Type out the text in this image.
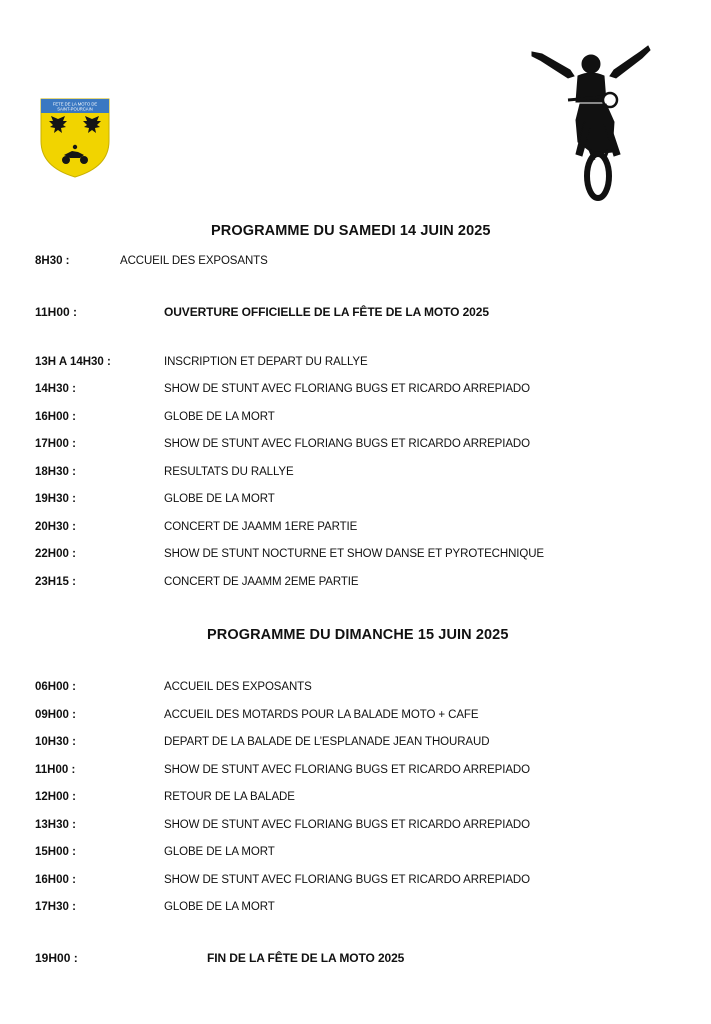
FETE DE LA MOTO DE
SAINT-POURCAIN
PROGRAMME DU SAMEDI 14 JUIN 2025
PROGRAMME DU DIMANCHE 15 JUIN 2025
8H30 :	ACCUEIL DES EXPOSANTS
11H00 :	OUVERTURE OFFICIELLE DE LA FÊTE DE LA MOTO 2025
13H A 14H30 :	INSCRIPTION ET DEPART DU RALLYE
14H30 :	SHOW DE STUNT AVEC FLORIANG BUGS ET RICARDO ARREPIADO
16H00 :	GLOBE DE LA MORT
17H00 :	SHOW DE STUNT AVEC FLORIANG BUGS ET RICARDO ARREPIADO
18H30 :	RESULTATS DU RALLYE
19H30 :	GLOBE DE LA MORT
20H30 :	CONCERT DE JAAMM 1ERE PARTIE
22H00 :	SHOW DE STUNT NOCTURNE ET SHOW DANSE ET PYROTECHNIQUE
23H15 :	CONCERT DE JAAMM 2EME PARTIE
06H00 :	ACCUEIL DES EXPOSANTS
09H00 :	ACCUEIL DES MOTARDS POUR LA BALADE MOTO + CAFE
10H30 :	DEPART DE LA BALADE DE L’ESPLANADE JEAN THOURAUD
11H00 :	SHOW DE STUNT AVEC FLORIANG BUGS ET RICARDO ARREPIADO
12H00 :	RETOUR DE LA BALADE
13H30 :	SHOW DE STUNT AVEC FLORIANG BUGS ET RICARDO ARREPIADO
15H00 :	GLOBE DE LA MORT
16H00 :	SHOW DE STUNT AVEC FLORIANG BUGS ET RICARDO ARREPIADO
17H30 :	GLOBE DE LA MORT
19H00 :	FIN DE LA FÊTE DE LA MOTO 2025
